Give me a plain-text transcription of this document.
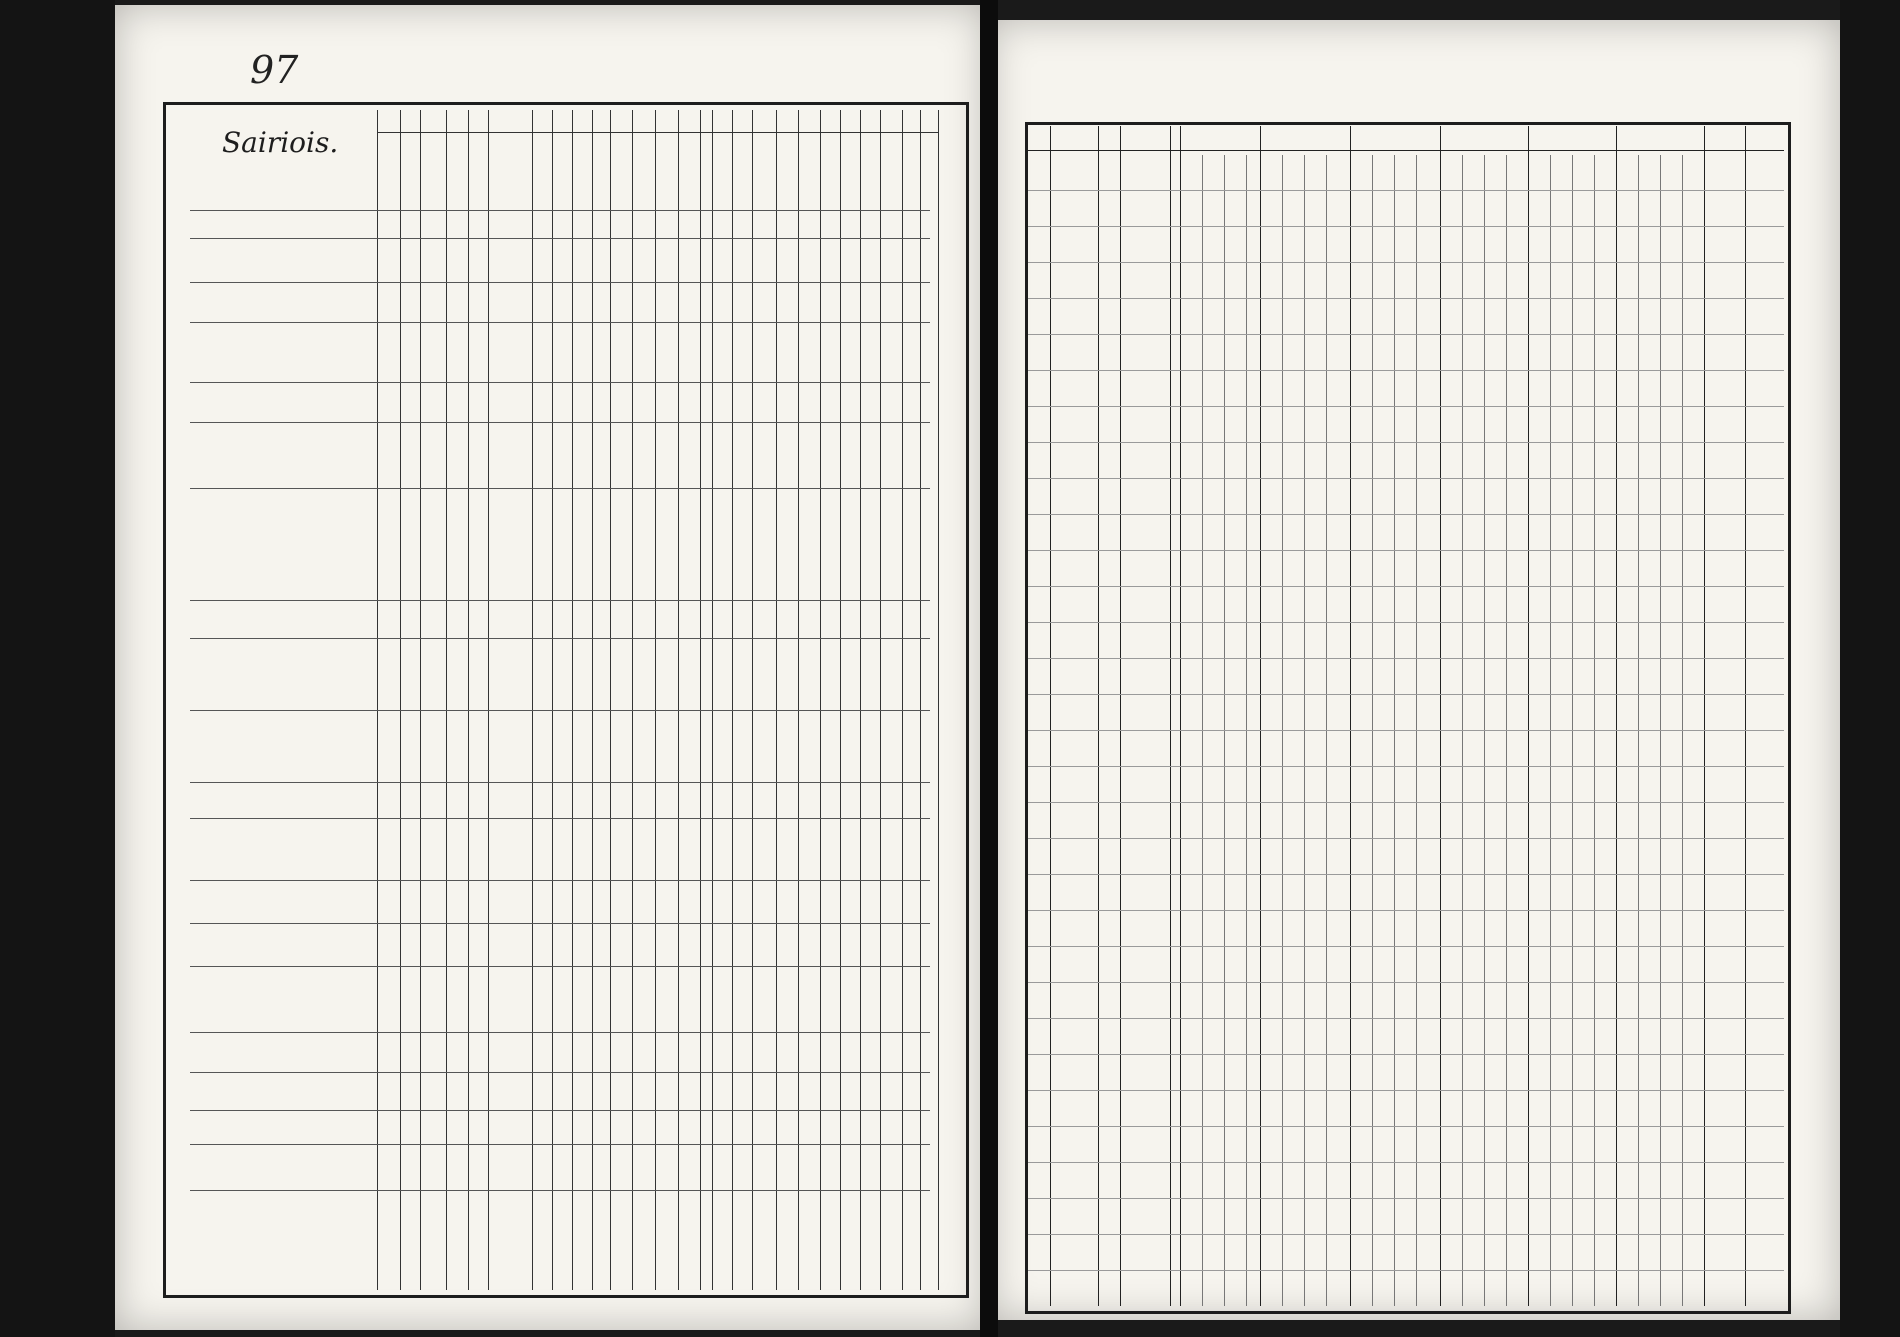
97
Sairiois.
